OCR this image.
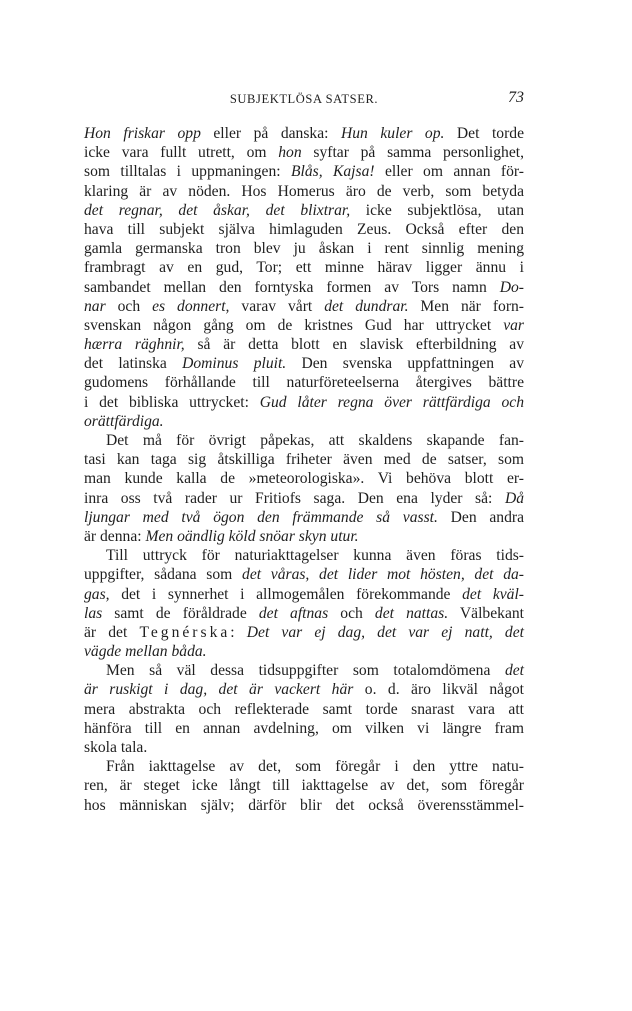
SUBJEKTLÖSA SATSER.	73
Hon friskar opp eller på danska: Hun kuler op. Det torde
icke vara fullt utrett, om hon syftar på samma personlighet,
som tilltalas i uppmaningen: Blås, Kajsa! eller om annan för-
klaring är av nöden. Hos Homerus äro de verb, som betyda
det regnar, det åskar, det blixtrar, icke subjektlösa, utan
hava till subjekt själva himlaguden Zeus. Också efter den
gamla germanska tron blev ju åskan i rent sinnlig mening
frambragt av en gud, Tor; ett minne härav ligger ännu i
sambandet mellan den forntyska formen av Tors namn Do-
nar och es donnert, varav vårt det dundrar. Men när forn-
svenskan någon gång om de kristnes Gud har uttrycket var
hærra räghnir, så är detta blott en slavisk efterbildning av
det latinska Dominus pluit. Den svenska uppfattningen av
gudomens förhållande till naturföreteelserna återgives bättre
i det bibliska uttrycket: Gud låter regna över rättfärdiga och
orättfärdiga.
Det må för övrigt påpekas, att skaldens skapande fan-
tasi kan taga sig åtskilliga friheter även med de satser, som
man kunde kalla de »meteorologiska». Vi behöva blott er-
inra oss två rader ur Fritiofs saga. Den ena lyder så: Då
ljungar med två ögon den främmande så vasst. Den andra
är denna: Men oändlig köld snöar skyn utur.
Till uttryck för naturiakttagelser kunna även föras tids-
uppgifter, sådana som det våras, det lider mot hösten, det da-
gas, det i synnerhet i allmogemålen förekommande det kväl-
las samt de föråldrade det aftnas och det nattas. Välbekant
är det Tegnérska: Det var ej dag, det var ej natt, det
vägde mellan båda.
Men så väl dessa tidsuppgifter som totalomdömena det
är ruskigt i dag, det är vackert här o. d. äro likväl något
mera abstrakta och reflekterade samt torde snarast vara att
hänföra till en annan avdelning, om vilken vi längre fram
skola tala.
Från iakttagelse av det, som föregår i den yttre natu-
ren, är steget icke långt till iakttagelse av det, som föregår
hos människan själv; därför blir det också överensstämmel-
